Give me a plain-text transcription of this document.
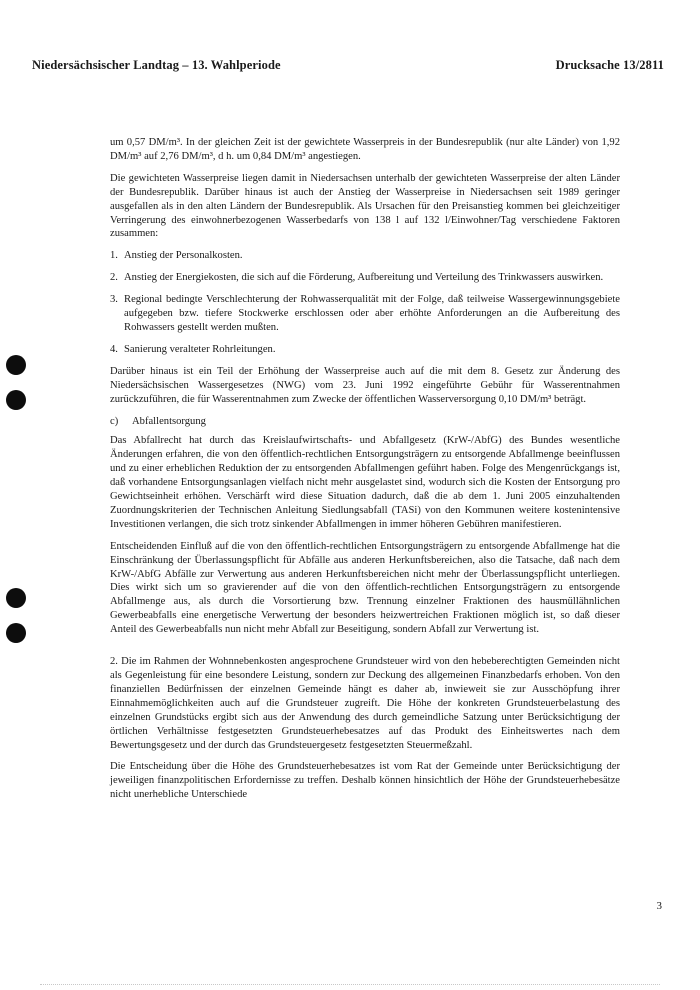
Niedersächsischer Landtag – 13. Wahlperiode	Drucksache 13/2811

um 0,57 DM/m³. In der gleichen Zeit ist der gewichtete Wasserpreis in der Bundesrepublik (nur alte Länder) von 1,92 DM/m³ auf 2,76 DM/m³, d h. um 0,84 DM/m³ angestiegen.

Die gewichteten Wasserpreise liegen damit in Niedersachsen unterhalb der gewichteten Wasserpreise der alten Länder der Bundesrepublik. Darüber hinaus ist auch der Anstieg der Wasserpreise in Niedersachsen seit 1989 geringer ausgefallen als in den alten Ländern der Bundesrepublik. Als Ursachen für den Preisanstieg kommen bei gleichzeitiger Verringerung des einwohnerbezogenen Wasserbedarfs von 138 l auf 132 l/Einwohner/Tag verschiedene Faktoren zusammen:

1. Anstieg der Personalkosten.
2. Anstieg der Energiekosten, die sich auf die Förderung, Aufbereitung und Verteilung des Trinkwassers auswirken.
3. Regional bedingte Verschlechterung der Rohwasserqualität mit der Folge, daß teilweise Wassergewinnungsgebiete aufgegeben bzw. tiefere Stockwerke erschlossen oder aber erhöhte Anforderungen an die Aufbereitung des Rohwassers gestellt werden mußten.
4. Sanierung veralteter Rohrleitungen.

Darüber hinaus ist ein Teil der Erhöhung der Wasserpreise auch auf die mit dem 8. Gesetz zur Änderung des Niedersächsischen Wassergesetzes (NWG) vom 23. Juni 1992 eingeführte Gebühr für Wasserentnahmen zurückzuführen, die für Wasserentnahmen zum Zwecke der öffentlichen Wasserversorgung 0,10 DM/m³ beträgt.

c)	Abfallentsorgung

Das Abfallrecht hat durch das Kreislaufwirtschafts- und Abfallgesetz (KrW-/AbfG) des Bundes wesentliche Änderungen erfahren, die von den öffentlich-rechtlichen Entsorgungsträgern zu entsorgende Abfallmenge beeinflussen und zu einer erheblichen Reduktion der zu entsorgenden Abfallmengen geführt haben. Folge des Mengenrückgangs ist, daß vorhandene Entsorgungsanlagen vielfach nicht mehr ausgelastet sind, wodurch sich die Kosten der Entsorgung pro Gewichtseinheit erhöhen. Verschärft wird diese Situation dadurch, daß die ab dem 1. Juni 2005 einzuhaltenden Zuordnungskriterien der Technischen Anleitung Siedlungsabfall (TASi) von den Kommunen weitere kostenintensive Investitionen verlangen, die sich trotz sinkender Abfallmengen in immer höheren Gebühren manifestieren.

Entscheidenden Einfluß auf die von den öffentlich-rechtlichen Entsorgungsträgern zu entsorgende Abfallmenge hat die Einschränkung der Überlassungspflicht für Abfälle aus anderen Herkunftsbereichen, also die Tatsache, daß nach dem KrW-/AbfG Abfälle zur Verwertung aus anderen Herkunftsbereichen nicht mehr der Überlassungspflicht unterliegen. Dies wirkt sich um so gravierender auf die von den öffentlich-rechtlichen Entsorgungsträgern zu entsorgende Abfallmenge aus, als durch die Vorsortierung bzw. Trennung einzelner Fraktionen des hausmüllähnlichen Gewerbeabfalls eine energetische Verwertung der besonders heizwertreichen Fraktionen möglich ist, so daß dieser Anteil des Gewerbeabfalls nun nicht mehr Abfall zur Beseitigung, sondern Abfall zur Verwertung ist.

2. Die im Rahmen der Wohnnebenkosten angesprochene Grundsteuer wird von den hebeberechtigten Gemeinden nicht als Gegenleistung für eine besondere Leistung, sondern zur Deckung des allgemeinen Finanzbedarfs erhoben. Von den finanziellen Bedürfnissen der einzelnen Gemeinde hängt es daher ab, inwieweit sie zur Ausschöpfung ihrer Einnahmemöglichkeiten auch auf die Grundsteuer zugreift. Die Höhe der konkreten Grundsteuerbelastung des einzelnen Grundstücks ergibt sich aus der Anwendung des durch gemeindliche Satzung unter Berücksichtigung der örtlichen Verhältnisse festgesetzten Grundsteuerhebesatzes auf das Produkt des Einheitswertes nach dem Bewertungsgesetz und der durch das Grundsteuergesetz festgesetzten Steuermeßzahl.

Die Entscheidung über die Höhe des Grundsteuerhebesatzes ist vom Rat der Gemeinde unter Berücksichtigung der jeweiligen finanzpolitischen Erfordernisse zu treffen. Deshalb können hinsichtlich der Höhe der Grundsteuerhebesätze nicht unerhebliche Unterschiede

3
